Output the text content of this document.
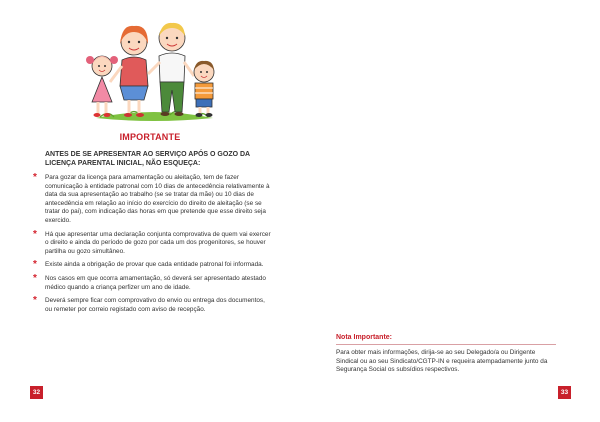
IMPORTANTE
ANTES DE SE APRESENTAR AO SERVIÇO APÓS O GOZO DA LICENÇA PARENTAL INICIAL, NÃO ESQUEÇA:
*	Para gozar da licença para amamentação ou aleitação, tem de fazer comunicação à entidade patronal com 10 dias de antecedência relativamente à data da sua apresentação ao trabalho (se se tratar da mãe) ou 10 dias de antecedência em relação ao início do exercício do direito de aleitação (se se tratar do pai), com indicação das horas em que pretende que esse direito seja exercido.
*	Há que apresentar uma declaração conjunta comprovativa de quem vai exercer o direito e ainda do período de gozo por cada um dos progenitores, se houver partilha ou gozo simultâneo.
*	Existe ainda a obrigação de provar que cada entidade patronal foi informada.
*	Nos casos em que ocorra amamentação, só deverá ser apresentado atestado médico quando a criança perfizer um ano de idade.
*	Deverá sempre ficar com comprovativo do envio ou entrega dos documentos, ou remeter por correio registado com aviso de recepção.
32
Nota Importante:
Para obter mais informações, dirija-se ao seu Delegado/a ou Dirigente Sindical ou ao seu Sindicato/CGTP-IN e requeira atempadamente junto da Segurança Social os subsídios respectivos.
33
